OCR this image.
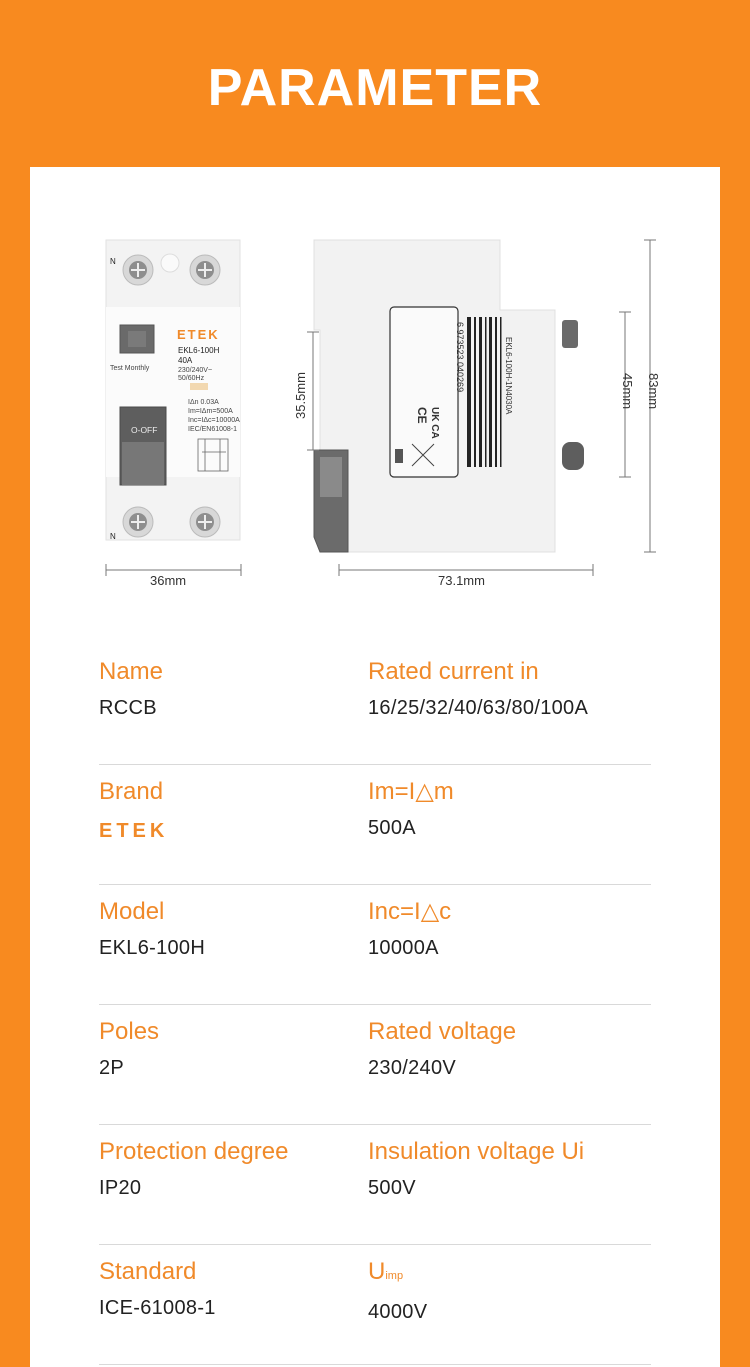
PARAMETER
N
Test Monthly
ETEK
EKL6-100H
40A
230/240V~
50/60Hz
IΔn 0.03A
Im=IΔm=500A
Inc=IΔc=10000A
IEC/EN61008-1
O-OFF
N
36mm
CE UK CA
6 973523 040269	EKL6-100H-1N4030A
35.5mm	45mm 83mm
73.1mm
Name
RCCB
Rated current in
16/25/32/40/63/80/100A
Brand
ETEK
Im=I△m
500A
Model
EKL6-100H
Inc=I△c
10000A
Poles
2P
Rated voltage
230/240V
Protection degree
IP20
Insulation voltage Ui
500V
Standard
ICE-61008-1
Uimp
4000V
